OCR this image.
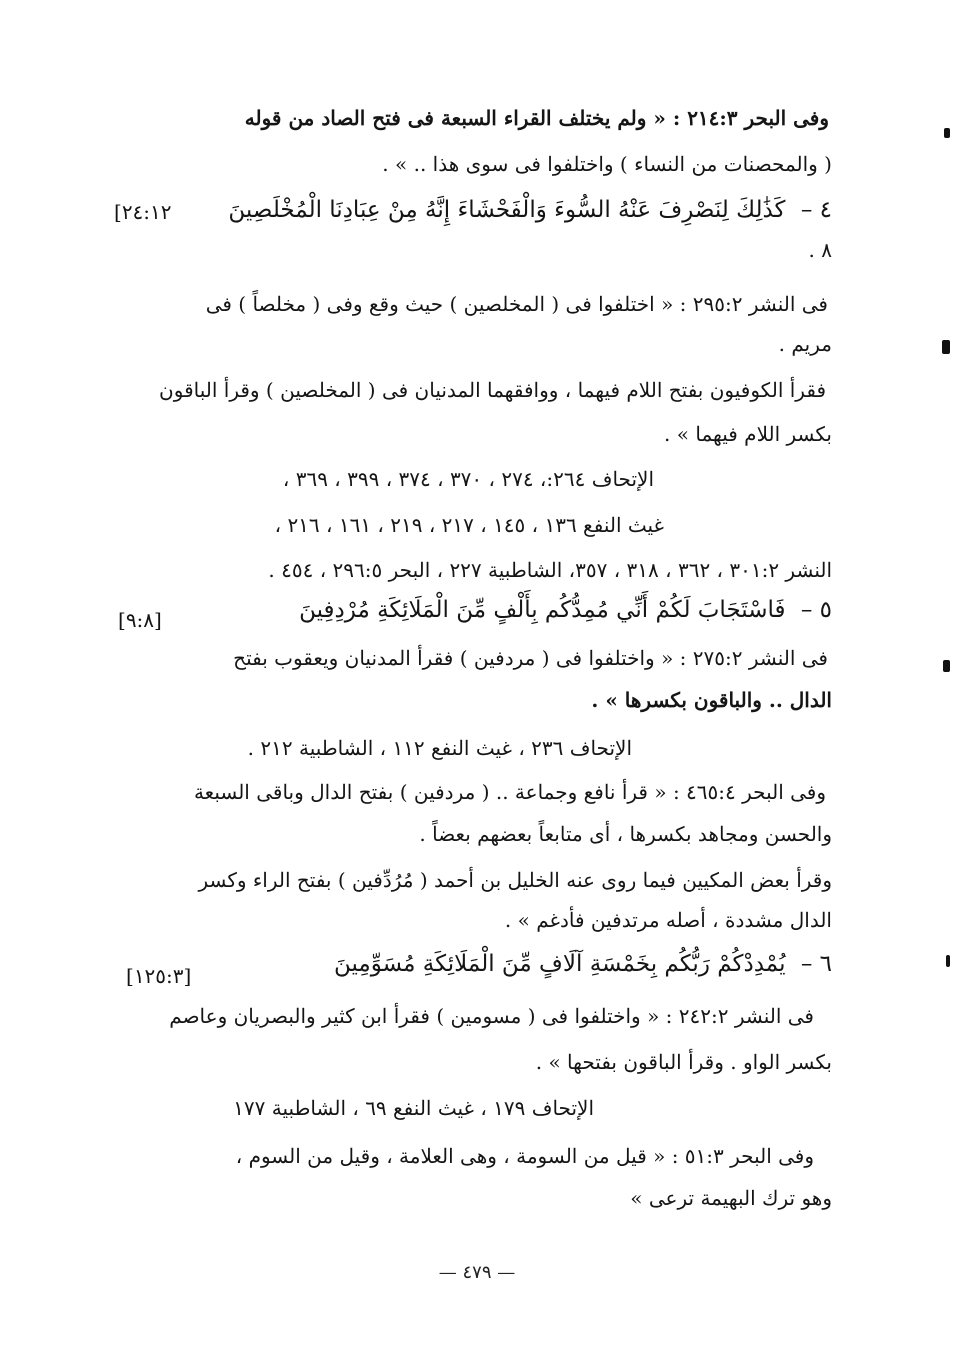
وفى البحر ٢١٤:٣ : « ولم يختلف القراء السبعة فى فتح الصاد من قوله
( والمحصنات من النساء ) واختلفوا فى سوى هذا .. » .
٤ – كَذَٰلِكَ لِنَصْرِفَ عَنْهُ السُّوءَ وَالْفَحْشَاءَ إِنَّهُ مِنْ عِبَادِنَا الْمُخْلَصِينَ
[٢٤:١٢
٨ .
فى النشر ٢٩٥:٢ : « اختلفوا فى ( المخلصين ) حيث وقع وفى ( مخلصاً ) فى
مريم .
فقرأ الكوفيون بفتح اللام فيهما ، ووافقهما المدنيان فى ( المخلصين ) وقرأ الباقون
بكسر اللام فيهما » .
الإتحاف ٢٦٤:، ٢٧٤ ، ٣٧٠ ، ٣٧٤ ، ٣٩٩ ، ٣٦٩ ،
غيث النفع ١٣٦ ، ١٤٥ ، ٢١٧ ، ٢١٩ ، ١٦١ ، ٢١٦ ،
النشر ٣٠١:٢ ، ٣٦٢ ، ٣١٨ ، ٣٥٧، الشاطبية ٢٢٧ ، البحر ٢٩٦:٥ ، ٤٥٤ .
٥ – فَاسْتَجَابَ لَكُمْ أَنِّي مُمِدُّكُم بِأَلْفٍ مِّنَ الْمَلَائِكَةِ مُرْدِفِينَ
[٩:٨]
فى النشر ٢٧٥:٢ : « واختلفوا فى ( مردفين ) فقرأ المدنيان ويعقوب بفتح
الدال .. والباقون بكسرها » .
الإتحاف ٢٣٦ ، غيث النفع ١١٢ ، الشاطبية ٢١٢ .
وفى البحر ٤٦٥:٤ : « قرأ نافع وجماعة .. ( مردفين ) بفتح الدال وباقى السبعة
والحسن ومجاهد بكسرها ، أى متابعاً بعضهم بعضاً .
وقرأ بعض المكيين فيما روى عنه الخليل بن أحمد ( مُرُدِّفين ) بفتح الراء وكسر
الدال مشددة ، أصله مرتدفين فأدغم » .
٦ – يُمْدِدْكُمْ رَبُّكُم بِخَمْسَةِ آلَافٍ مِّنَ الْمَلَائِكَةِ مُسَوِّمِينَ
[١٢٥:٣]
فى النشر ٢٤٢:٢ : « واختلفوا فى ( مسومين ) فقرأ ابن كثير والبصريان وعاصم
بكسر الواو . وقرأ الباقون بفتحها » .
الإتحاف ١٧٩ ، غيث النفع ٦٩ ، الشاطبية ١٧٧
وفى البحر ٥١:٣ : « قيل من السومة ، وهى العلامة ، وقيل من السوم ،
وهو ترك البهيمة ترعى »
— ٤٧٩ —
